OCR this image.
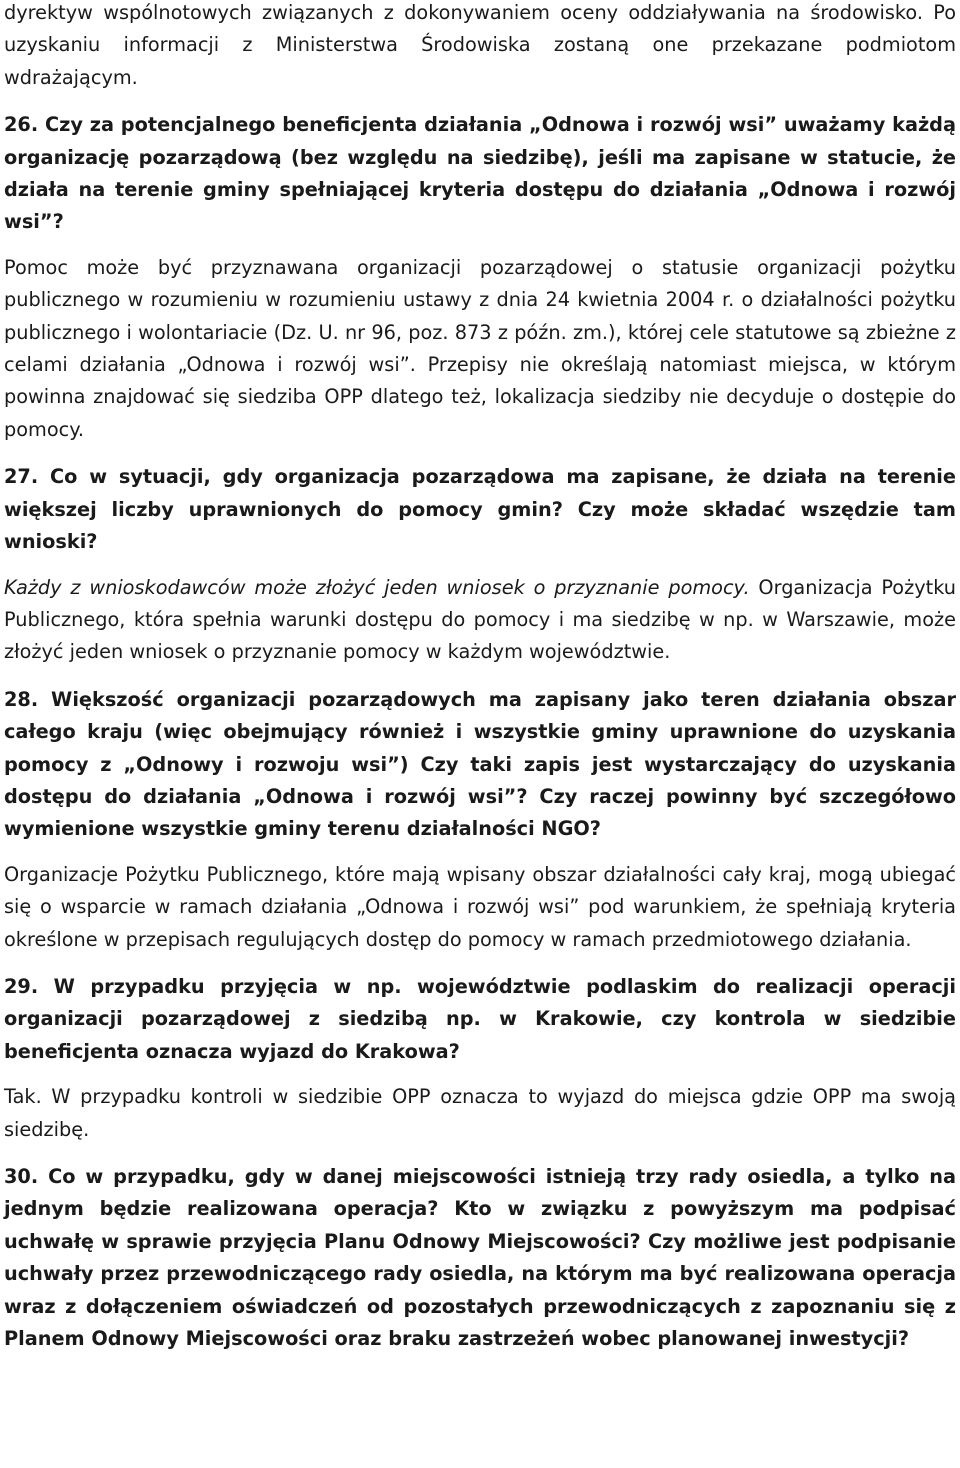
dyrektyw wspólnotowych związanych z dokonywaniem oceny oddziaływania na środowisko. Po uzyskaniu informacji z Ministerstwa Środowiska zostaną one przekazane podmiotom wdrażającym.

26. Czy za potencjalnego beneficjenta działania „Odnowa i rozwój wsi” uważamy każdą organizację pozarządową (bez względu na siedzibę), jeśli ma zapisane w statucie, że działa na terenie gminy spełniającej kryteria dostępu do działania „Odnowa i rozwój wsi”?

Pomoc może być przyznawana organizacji pozarządowej o statusie organizacji pożytku publicznego w rozumieniu w rozumieniu ustawy z dnia 24 kwietnia 2004 r. o działalności pożytku publicznego i wolontariacie (Dz. U. nr 96, poz. 873 z późn. zm.), której cele statutowe są zbieżne z celami działania „Odnowa i rozwój wsi”. Przepisy nie określają natomiast miejsca, w którym powinna znajdować się siedziba OPP dlatego też, lokalizacja siedziby nie decyduje o dostępie do pomocy.

27. Co w sytuacji, gdy organizacja pozarządowa ma zapisane, że działa na terenie większej liczby uprawnionych do pomocy gmin? Czy może składać wszędzie tam wnioski?

Każdy z wnioskodawców może złożyć jeden wniosek o przyznanie pomocy. Organizacja Pożytku Publicznego, która spełnia warunki dostępu do pomocy i ma siedzibę w np. w Warszawie, może złożyć jeden wniosek o przyznanie pomocy w każdym województwie.

28. Większość organizacji pozarządowych ma zapisany jako teren działania obszar całego kraju (więc obejmujący również i wszystkie gminy uprawnione do uzyskania pomocy z „Odnowy i rozwoju wsi”) Czy taki zapis jest wystarczający do uzyskania dostępu do działania „Odnowa i rozwój wsi”? Czy raczej powinny być szczegółowo wymienione wszystkie gminy terenu działalności NGO?

Organizacje Pożytku Publicznego, które mają wpisany obszar działalności cały kraj, mogą ubiegać się o wsparcie w ramach działania „Odnowa i rozwój wsi” pod warunkiem, że spełniają kryteria określone w przepisach regulujących dostęp do pomocy w ramach przedmiotowego działania.

29. W przypadku przyjęcia w np. województwie podlaskim do realizacji operacji organizacji pozarządowej z siedzibą np. w Krakowie, czy kontrola w siedzibie beneficjenta oznacza wyjazd do Krakowa?

Tak. W przypadku kontroli w siedzibie OPP oznacza to wyjazd do miejsca gdzie OPP ma swoją siedzibę.

30. Co w przypadku, gdy w danej miejscowości istnieją trzy rady osiedla, a tylko na jednym będzie realizowana operacja? Kto w związku z powyższym ma podpisać uchwałę w sprawie przyjęcia Planu Odnowy Miejscowości? Czy możliwe jest podpisanie uchwały przez przewodniczącego rady osiedla, na którym ma być realizowana operacja wraz z dołączeniem oświadczeń od pozostałych przewodniczących z zapoznaniu się z Planem Odnowy Miejscowości oraz braku zastrzeżeń wobec planowanej inwestycji?
